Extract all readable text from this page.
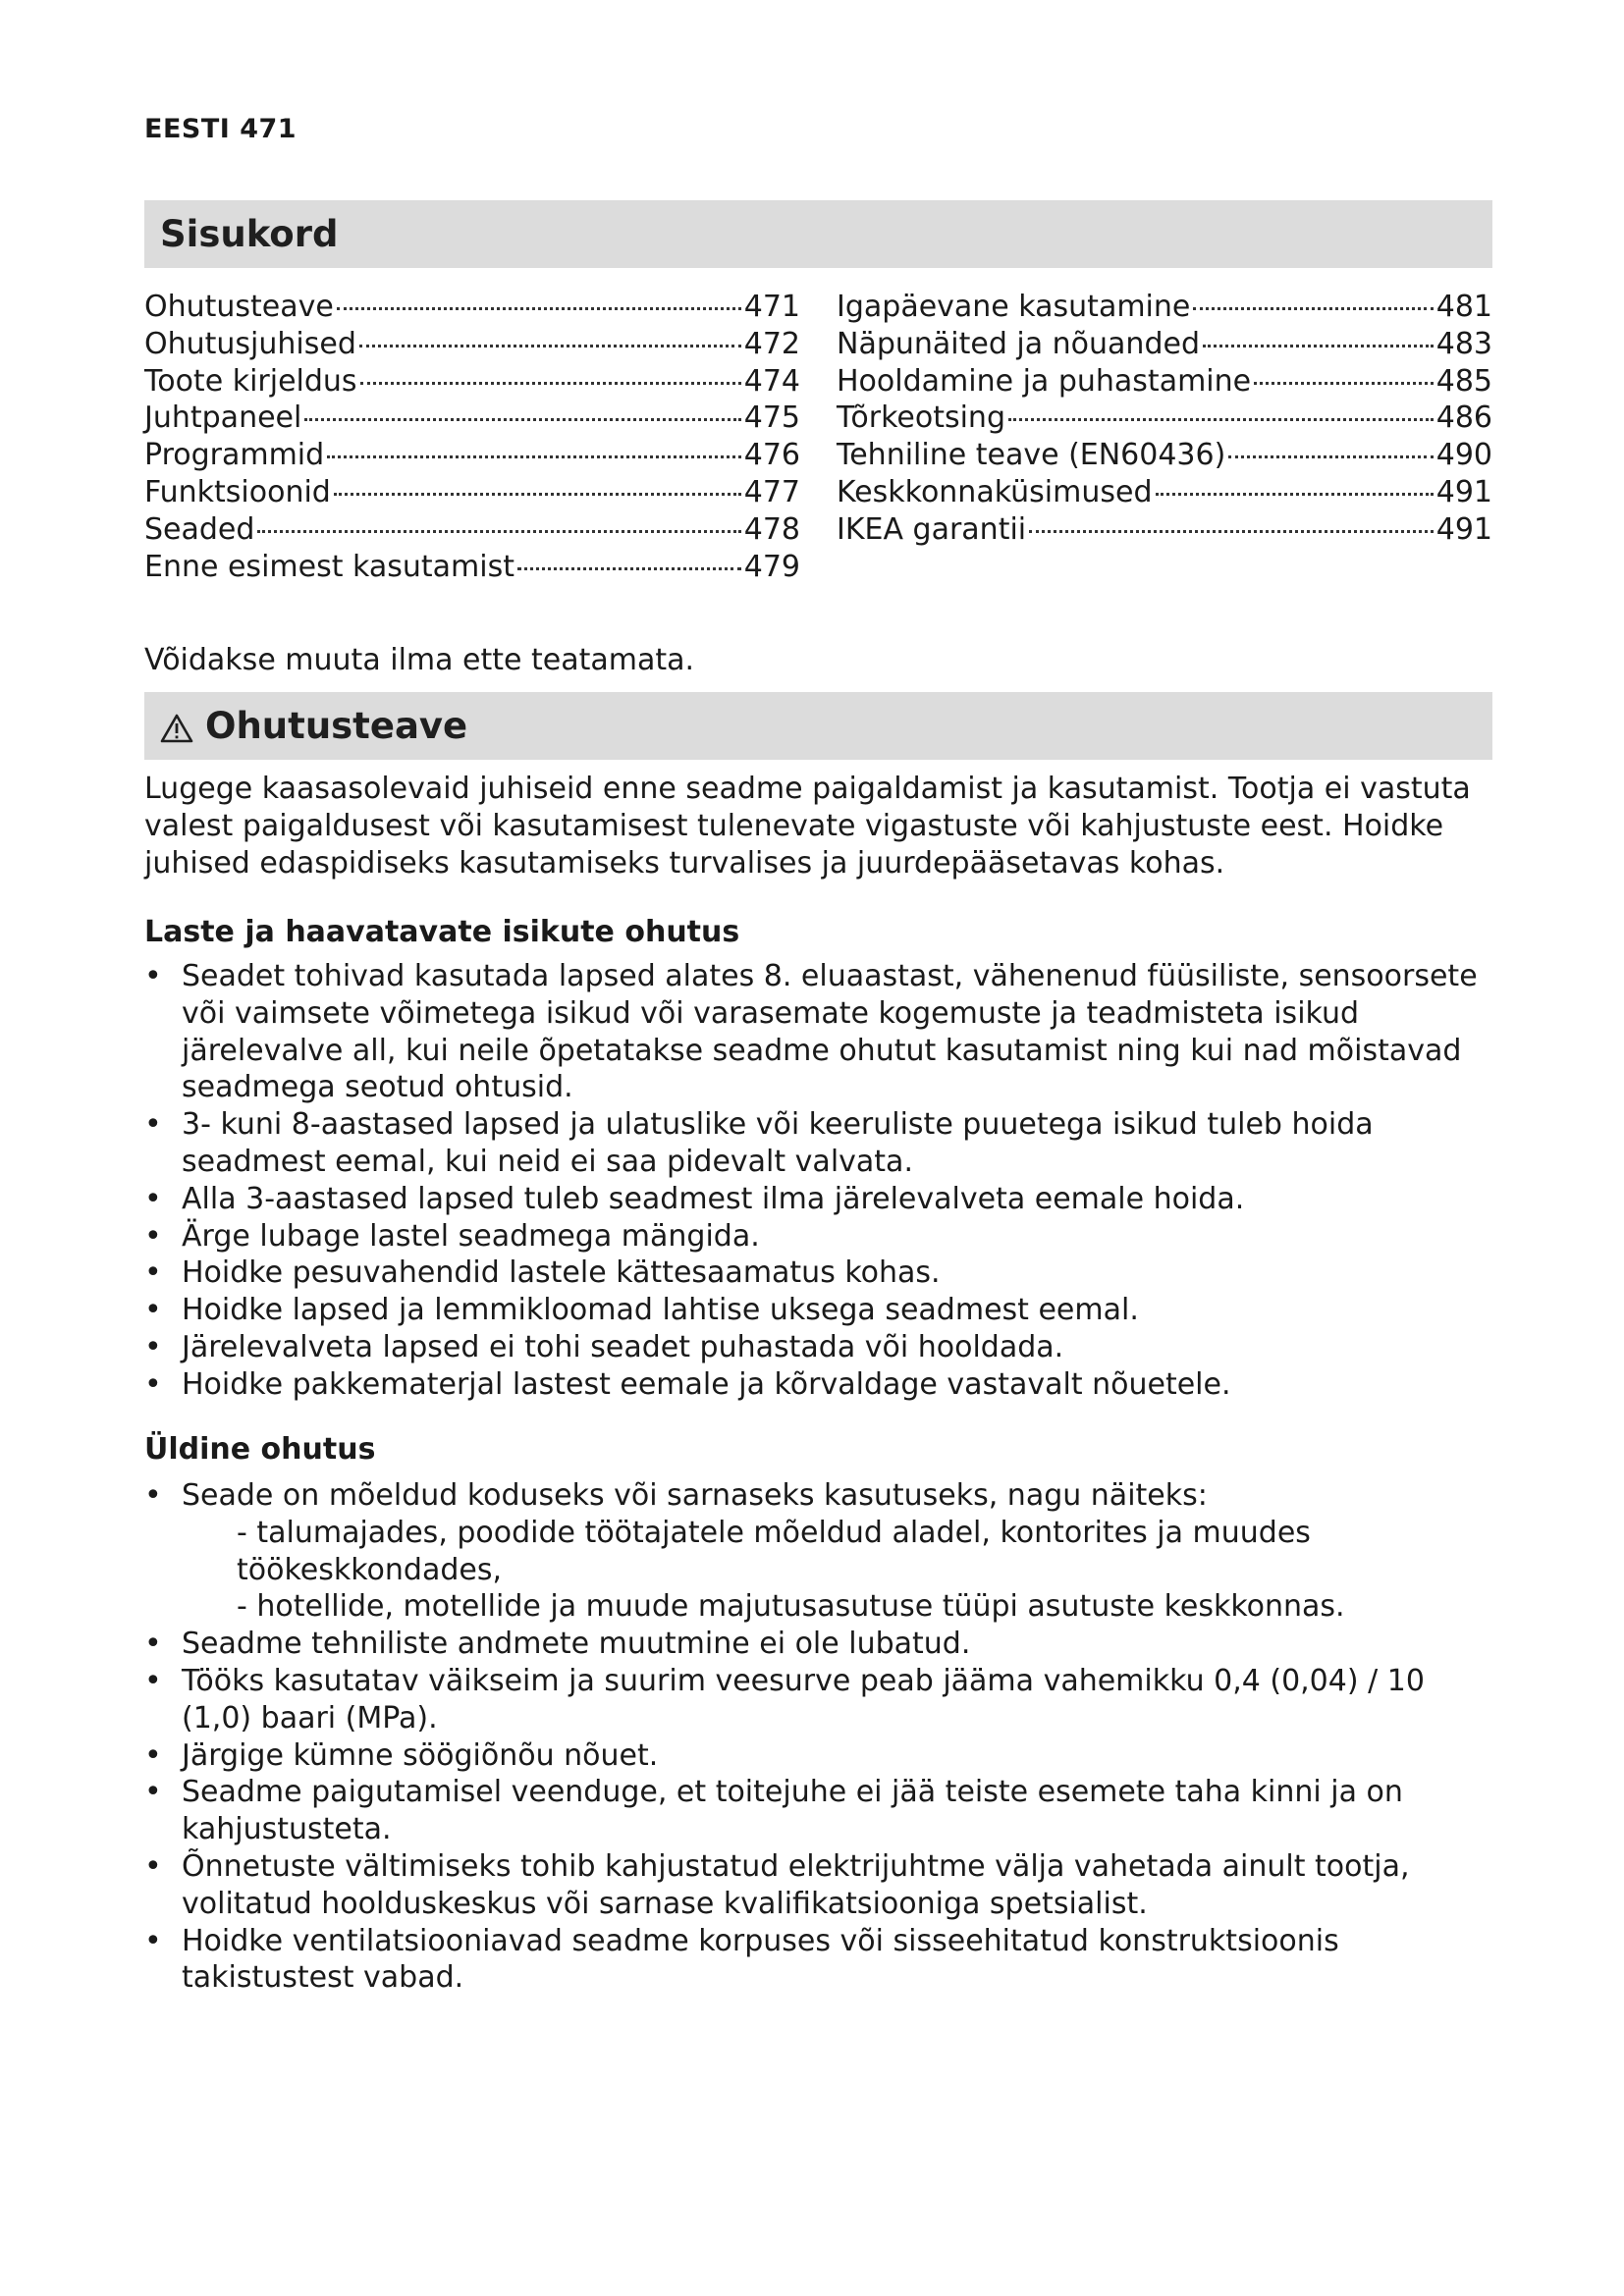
EESTI 471
Sisukord
Ohutusteave	471
Ohutusjuhised	472
Toote kirjeldus	474
Juhtpaneel	475
Programmid	476
Funktsioonid	477
Seaded	478
Enne esimest kasutamist	479
Igapäevane kasutamine	481
Näpunäited ja nõuanded	483
Hooldamine ja puhastamine	485
Tõrkeotsing	486
Tehniline teave (EN60436)	490
Keskkonnaküsimused	491
IKEA garantii	491

Võidakse muuta ilma ette teatamata.

Ohutusteave

Lugege kaasasolevaid juhiseid enne seadme paigaldamist ja kasutamist. Tootja ei vastuta valest paigaldusest või kasutamisest tulenevate vigastuste või kahjustuste eest. Hoidke juhised edaspidiseks kasutamiseks turvalises ja juurdepääsetavas kohas.

Laste ja haavatavate isikute ohutus
• Seadet tohivad kasutada lapsed alates 8. eluaastast, vähenenud füüsiliste, sensoorsete või vaimsete võimetega isikud või varasemate kogemuste ja teadmisteta isikud järelevalve all, kui neile õpetatakse seadme ohutut kasutamist ning kui nad mõistavad seadmega seotud ohtusid.
• 3- kuni 8-aastased lapsed ja ulatuslike või keeruliste puuetega isikud tuleb hoida seadmest eemal, kui neid ei saa pidevalt valvata.
• Alla 3-aastased lapsed tuleb seadmest ilma järelevalveta eemale hoida.
• Ärge lubage lastel seadmega mängida.
• Hoidke pesuvahendid lastele kättesaamatus kohas.
• Hoidke lapsed ja lemmikloomad lahtise uksega seadmest eemal.
• Järelevalveta lapsed ei tohi seadet puhastada või hooldada.
• Hoidke pakkematerjal lastest eemale ja kõrvaldage vastavalt nõuetele.
Üldine ohutus
• Seade on mõeldud koduseks või sarnaseks kasutuseks, nagu näiteks:
- talumajades, poodide töötajatele mõeldud aladel, kontorites ja muudes töökeskkondades,
- hotellide, motellide ja muude majutusasutuse tüüpi asutuste keskkonnas.
• Seadme tehniliste andmete muutmine ei ole lubatud.
• Tööks kasutatav väikseim ja suurim veesurve peab jääma vahemikku 0,4 (0,04) / 10 (1,0) baari (MPa).
• Järgige kümne söögiõnõu nõuet.
• Seadme paigutamisel veenduge, et toitejuhe ei jää teiste esemete taha kinni ja on kahjustusteta.
• Õnnetuste vältimiseks tohib kahjustatud elektrijuhtme välja vahetada ainult tootja, volitatud hoolduskeskus või sarnase kvalifikatsiooniga spetsialist.
• Hoidke ventilatsiooniavad seadme korpuses või sisseehitatud konstruktsioonis takistustest vabad.
